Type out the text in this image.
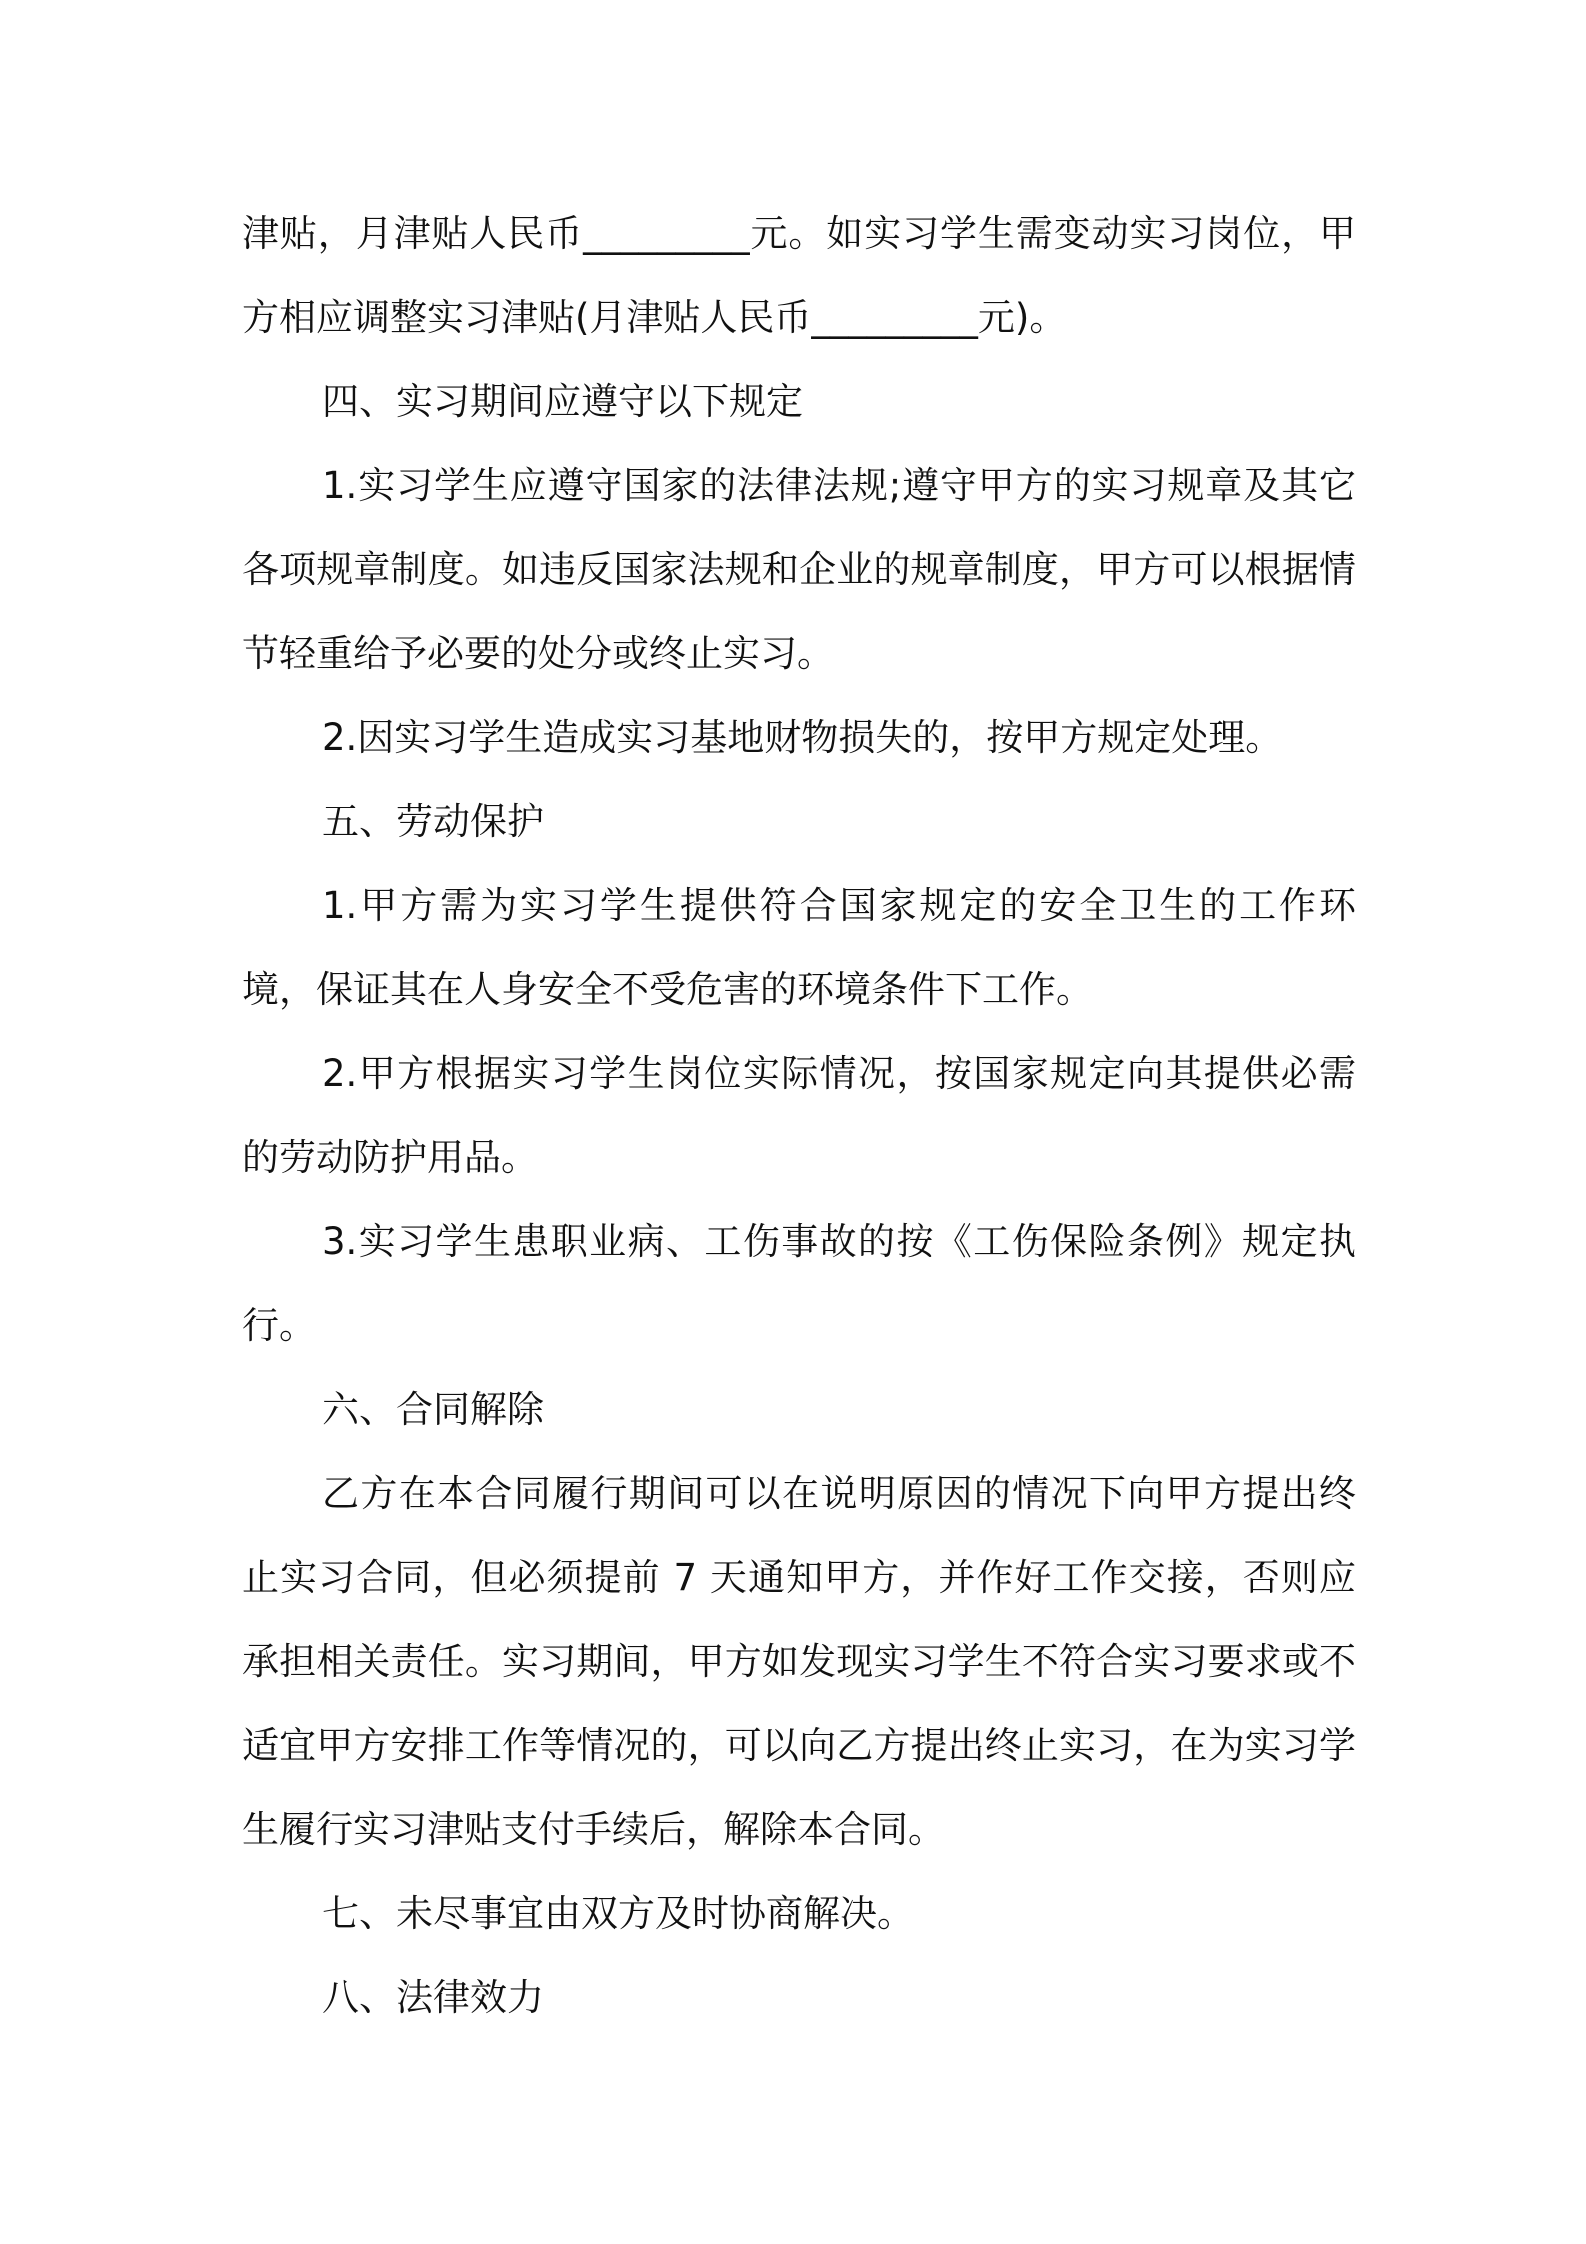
津贴，月津贴人民币_________元。如实习学生需变动实习岗位，甲方相应调整实习津贴(月津贴人民币_________元)。

四、实习期间应遵守以下规定

1.实习学生应遵守国家的法律法规;遵守甲方的实习规章及其它各项规章制度。如违反国家法规和企业的规章制度，甲方可以根据情节轻重给予必要的处分或终止实习。

2.因实习学生造成实习基地财物损失的，按甲方规定处理。

五、劳动保护

1.甲方需为实习学生提供符合国家规定的安全卫生的工作环境，保证其在人身安全不受危害的环境条件下工作。

2.甲方根据实习学生岗位实际情况，按国家规定向其提供必需的劳动防护用品。

3.实习学生患职业病、工伤事故的按《工伤保险条例》规定执行。

六、合同解除

乙方在本合同履行期间可以在说明原因的情况下向甲方提出终止实习合同，但必须提前 7 天通知甲方，并作好工作交接，否则应承担相关责任。实习期间，甲方如发现实习学生不符合实习要求或不适宜甲方安排工作等情况的，可以向乙方提出终止实习，在为实习学生履行实习津贴支付手续后，解除本合同。

七、未尽事宜由双方及时协商解决。

八、法律效力
